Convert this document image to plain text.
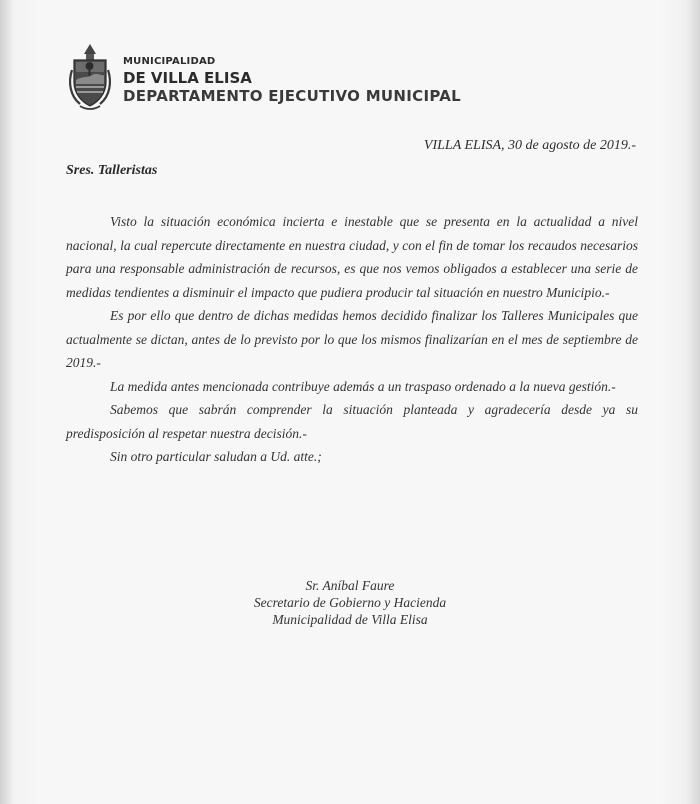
MUNICIPALIDAD
DE VILLA ELISA
DEPARTAMENTO EJECUTIVO MUNICIPAL
VILLA ELISA, 30 de agosto de 2019.-
Sres. Talleristas

Visto la situación económica incierta e inestable que se presenta en la actualidad a nivel nacional, la cual repercute directamente en nuestra ciudad, y con el fin de tomar los recaudos necesarios para una responsable administración de recursos, es que nos vemos obligados a establecer una serie de medidas tendientes a disminuir el impacto que pudiera producir tal situación en nuestro Municipio.-

Es por ello que dentro de dichas medidas hemos decidido finalizar los Talleres Municipales que actualmente se dictan, antes de lo previsto por lo que los mismos finalizarían en el mes de septiembre de 2019.-

La medida antes mencionada contribuye además a un traspaso ordenado a la nueva gestión.-

Sabemos que sabrán comprender la situación planteada y agradecería desde ya su predisposición al respetar nuestra decisión.-

Sin otro particular saludan a Ud. atte.;

Sr. Aníbal Faure
Secretario de Gobierno y Hacienda
Municipalidad de Villa Elisa
